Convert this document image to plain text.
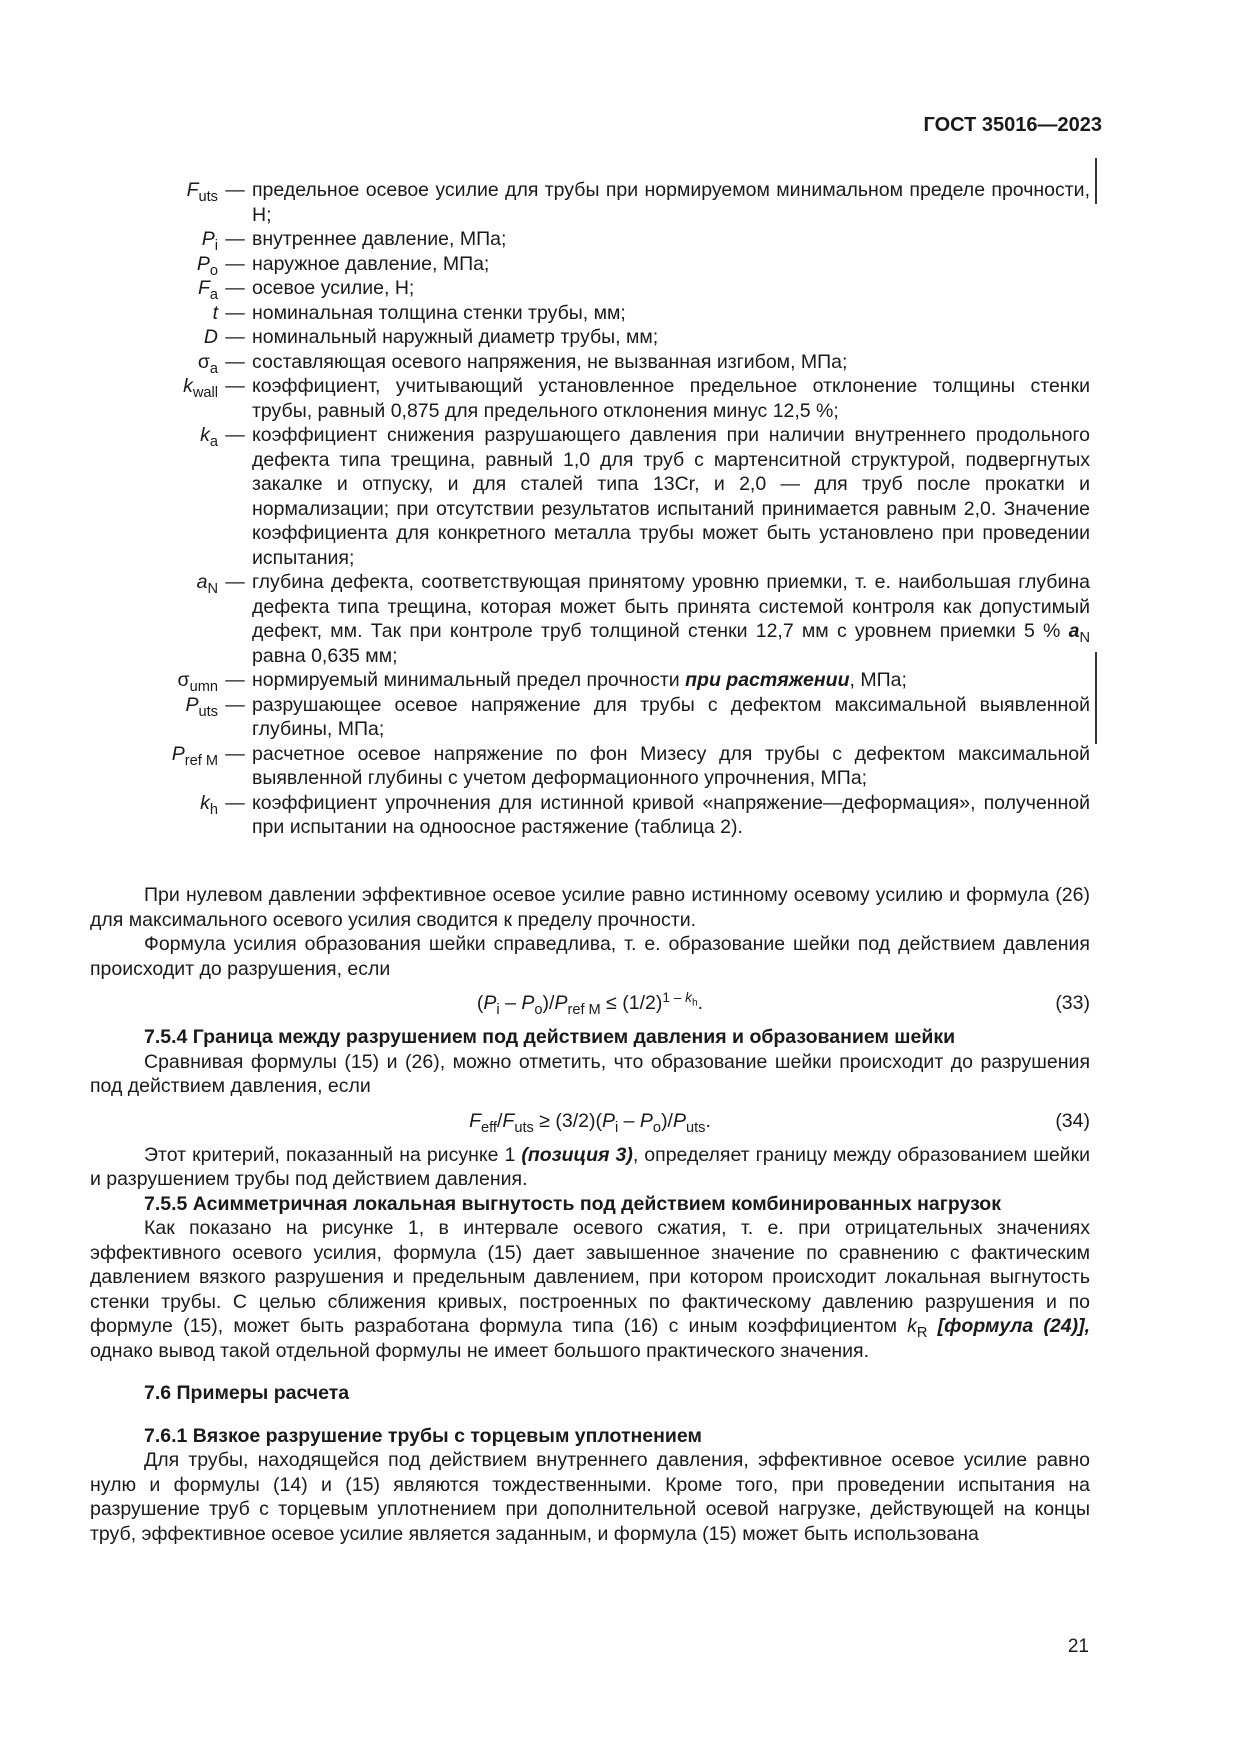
ГОСТ 35016—2023
$F_{uts}$ — предельное осевое усилие для трубы при нормируемом минимальном пределе прочности, Н;
$P_i$ — внутреннее давление, МПа;
$P_o$ — наружное давление, МПа;
$F_a$ — осевое усилие, Н;
t — номинальная толщина стенки трубы, мм;
D — номинальный наружный диаметр трубы, мм;
$\sigma_a$ — составляющая осевого напряжения, не вызванная изгибом, МПа;
$k_{wall}$ — коэффициент, учитывающий установленное предельное отклонение толщины стенки трубы, равный 0,875 для предельного отклонения минус 12,5 %;
$k_a$ — коэффициент снижения разрушающего давления при наличии внутреннего продольного дефекта типа трещина, равный 1,0 для труб с мартенситной структурой, подвергнутых закалке и отпуску, и для сталей типа 13Cr, и 2,0 — для труб после прокатки и нормализации; при отсутствии результатов испытаний принимается равным 2,0. Значение коэффициента для конкретного металла трубы может быть установлено при проведении испытания;
$a_N$ — глубина дефекта, соответствующая принятому уровню приемки, т. е. наибольшая глубина дефекта типа трещина, которая может быть принята системой контроля как допустимый дефект, мм. Так при контроле труб толщиной стенки 12,7 мм с уровнем приемки 5 % $a_N$ равна 0,635 мм;
$\sigma_{umn}$ — нормируемый минимальный предел прочности при растяжении, МПа;
$P_{uts}$ — разрушающее осевое напряжение для трубы с дефектом максимальной выявленной глубины, МПа;
$P_{ref M}$ — расчетное осевое напряжение по фон Мизесу для трубы с дефектом максимальной выявленной глубины с учетом деформационного упрочнения, МПа;
$k_h$ — коэффициент упрочнения для истинной кривой «напряжение—деформация», полученной при испытании на одноосное растяжение (таблица 2).

При нулевом давлении эффективное осевое усилие равно истинному осевому усилию и формула (26) для максимального осевого усилия сводится к пределу прочности.

Формула усилия образования шейки справедлива, т. е. образование шейки под действием давления происходит до разрушения, если

$(P_i - P_o)/P_{ref M} \le (1/2)^{1 - k_h}$.	(33)
7.5.4 Граница между разрушением под действием давления и образованием шейки

Сравнивая формулы (15) и (26), можно отметить, что образование шейки происходит до разрушения под действием давления, если

$F_{eff}/F_{uts} \ge (3/2)(P_i - P_o)/P_{uts}$.	(34)

Этот критерий, показанный на рисунке 1 (позиция 3), определяет границу между образованием шейки и разрушением трубы под действием давления.

7.5.5 Асимметричная локальная выгнутость под действием комбинированных нагрузок

Как показано на рисунке 1, в интервале осевого сжатия, т. е. при отрицательных значениях эффективного осевого усилия, формула (15) дает завышенное значение по сравнению с фактическим давлением вязкого разрушения и предельным давлением, при котором происходит локальная выгнутость стенки трубы. С целью сближения кривых, построенных по фактическому давлению разрушения и по формуле (15), может быть разработана формула типа (16) с иным коэффициентом $k_R$ [формула (24)], однако вывод такой отдельной формулы не имеет большого практического значения.

7.6 Примеры расчета
7.6.1 Вязкое разрушение трубы с торцевым уплотнением

Для трубы, находящейся под действием внутреннего давления, эффективное осевое усилие равно нулю и формулы (14) и (15) являются тождественными. Кроме того, при проведении испытания на разрушение труб с торцевым уплотнением при дополнительной осевой нагрузке, действующей на концы труб, эффективное осевое усилие является заданным, и формула (15) может быть использована

21
